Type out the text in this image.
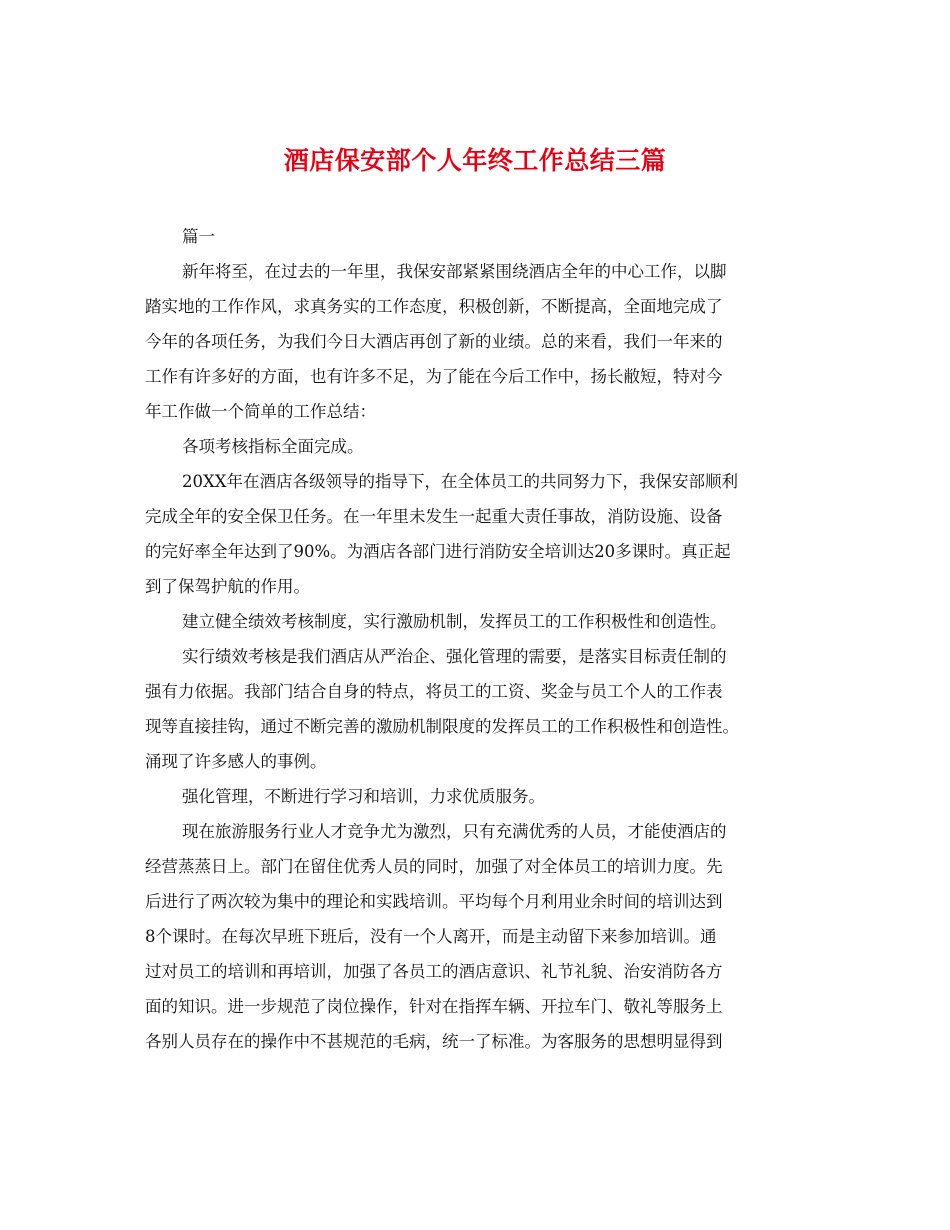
酒店保安部个人年终工作总结三篇
篇一
新年将至，在过去的一年里，我保安部紧紧围绕酒店全年的中心工作，以脚
踏实地的工作作风，求真务实的工作态度，积极创新，不断提高，全面地完成了
今年的各项任务，为我们今日大酒店再创了新的业绩。总的来看，我们一年来的
工作有许多好的方面，也有许多不足，为了能在今后工作中，扬长敝短，特对今
年工作做一个简单的工作总结：
各项考核指标全面完成。
20XX年在酒店各级领导的指导下，在全体员工的共同努力下，我保安部顺利
完成全年的安全保卫任务。在一年里未发生一起重大责任事故，消防设施、设备
的完好率全年达到了90%。为酒店各部门进行消防安全培训达20多课时。真正起
到了保驾护航的作用。
建立健全绩效考核制度，实行激励机制，发挥员工的工作积极性和创造性。
实行绩效考核是我们酒店从严治企、强化管理的需要，是落实目标责任制的
强有力依据。我部门结合自身的特点，将员工的工资、奖金与员工个人的工作表
现等直接挂钩，通过不断完善的激励机制限度的发挥员工的工作积极性和创造性。
涌现了许多感人的事例。
强化管理，不断进行学习和培训，力求优质服务。
现在旅游服务行业人才竞争尤为激烈，只有充满优秀的人员，才能使酒店的
经营蒸蒸日上。部门在留住优秀人员的同时，加强了对全体员工的培训力度。先
后进行了两次较为集中的理论和实践培训。平均每个月利用业余时间的培训达到
8个课时。在每次早班下班后，没有一个人离开，而是主动留下来参加培训。通
过对员工的培训和再培训，加强了各员工的酒店意识、礼节礼貌、治安消防各方
面的知识。进一步规范了岗位操作，针对在指挥车辆、开拉车门、敬礼等服务上
各别人员存在的操作中不甚规范的毛病，统一了标准。为客服务的思想明显得到
